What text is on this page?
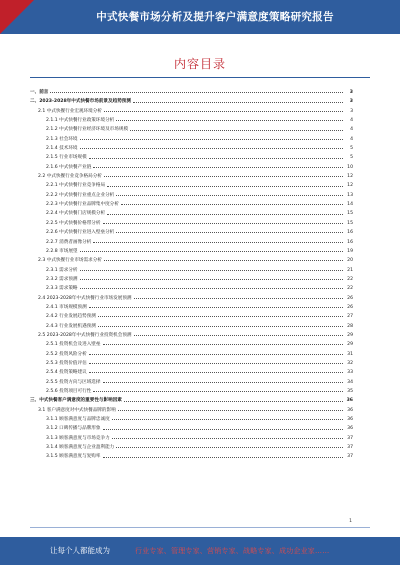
中式快餐市场分析及提升客户满意度策略研究报告
内容目录
一、前言	3
二、2023-2028年中式快餐市场前景及趋势预测	3
2.1 中式快餐行业宏观环境分析	3
2.1.1 中式快餐行业政策环境分析	4
2.1.2 中式快餐行业经济环境及市场规模	4
2.1.3 社会环境	4
2.1.4 技术环境	5
2.1.5 行业市场规模	5
2.1.6 中式快餐产业链	10
2.2 中式快餐行业竞争格局分析	12
2.2.1 中式快餐行业竞争格局	12
2.2.2 中式快餐行业重点企业分析	13
2.2.3 中式快餐行业品牌集中度分析	14
2.2.4 中式快餐门店规模分析	15
2.2.5 中式快餐价格带分析	15
2.2.6 中式快餐行业进入壁垒分析	16
2.2.7 消费者画像分析	16
2.2.8 市场展望	19
2.3 中式快餐行业市场需求分析	20
2.3.1 需求分析	21
2.3.2 需求预测	22
2.3.3 需求策略	22
2.4 2023-2028年中式快餐行业市场发展预测	26
2.4.1 市场规模预测	26
2.4.2 行业发展趋势预测	27
2.4.3 行业发展机遇预测	28
2.5 2023-2028年中式快餐行业投资机会预测	29
2.5.1 投资机会及进入壁垒	29
2.5.2 投资风险分析	31
2.5.3 投资价值评估	32
2.5.4 投资策略建议	33
2.5.5 投资方向与区域选择	34
2.5.6 投资项目可行性	35
三、中式快餐客户满意度的重要性与影响因素	36
3.1 客户满意度对中式快餐品牌的影响	36
3.1.1 顾客满意度与品牌忠诚度	36
3.1.2 口碑传播与品牌形象	36
3.1.3 顾客满意度与市场竞争力	37
3.1.4 顾客满意度与企业盈利能力	37
3.1.5 顾客满意度与复购率	37
1
让每个人都能成为	行业专家、管理专家、营销专家、战略专家、成功企业家……
